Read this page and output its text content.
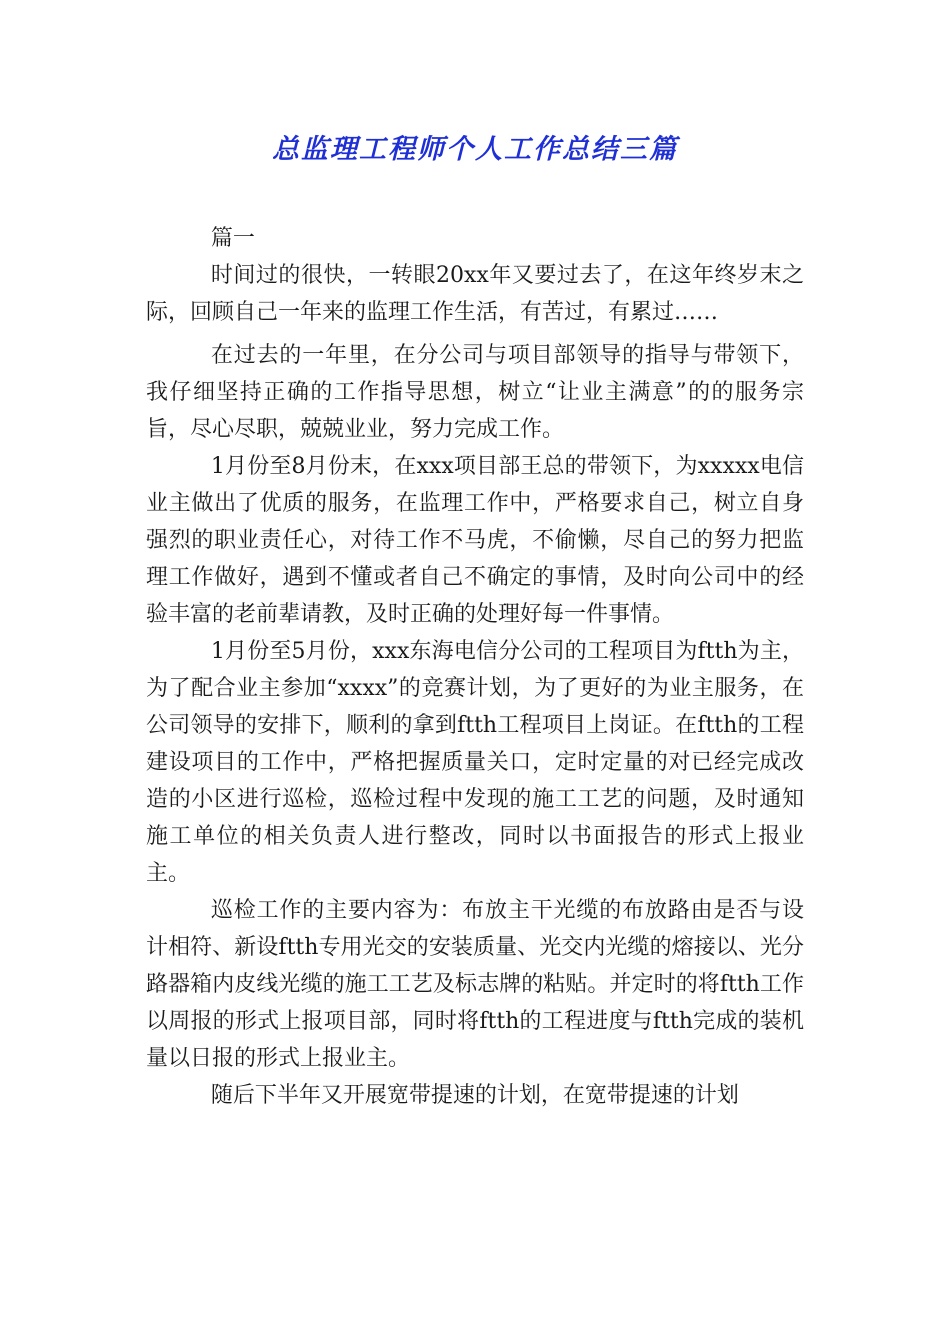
总监理工程师个人工作总结三篇

篇一

时间过的很快，一转眼20xx年又要过去了，在这年终岁末之际，回顾自己一年来的监理工作生活，有苦过，有累过……

在过去的一年里，在分公司与项目部领导的指导与带领下，我仔细坚持正确的工作指导思想，树立“让业主满意”的的服务宗旨，尽心尽职，兢兢业业，努力完成工作。

1月份至8月份末，在xxx项目部王总的带领下，为xxxxx电信业主做出了优质的服务，在监理工作中，严格要求自己，树立自身强烈的职业责任心，对待工作不马虎，不偷懒，尽自己的努力把监理工作做好，遇到不懂或者自己不确定的事情，及时向公司中的经验丰富的老前辈请教，及时正确的处理好每一件事情。

1月份至5月份，xxx东海电信分公司的工程项目为ftth为主，为了配合业主参加“xxxx”的竞赛计划，为了更好的为业主服务，在公司领导的安排下，顺利的拿到ftth工程项目上岗证。在ftth的工程建设项目的工作中，严格把握质量关口，定时定量的对已经完成改造的小区进行巡检，巡检过程中发现的施工工艺的问题，及时通知施工单位的相关负责人进行整改，同时以书面报告的形式上报业主。

巡检工作的主要内容为：布放主干光缆的布放路由是否与设计相符、新设ftth专用光交的安装质量、光交内光缆的熔接以、光分路器箱内皮线光缆的施工工艺及标志牌的粘贴。并定时的将ftth工作以周报的形式上报项目部，同时将ftth的工程进度与ftth完成的装机量以日报的形式上报业主。

随后下半年又开展宽带提速的计划，在宽带提速的计划
